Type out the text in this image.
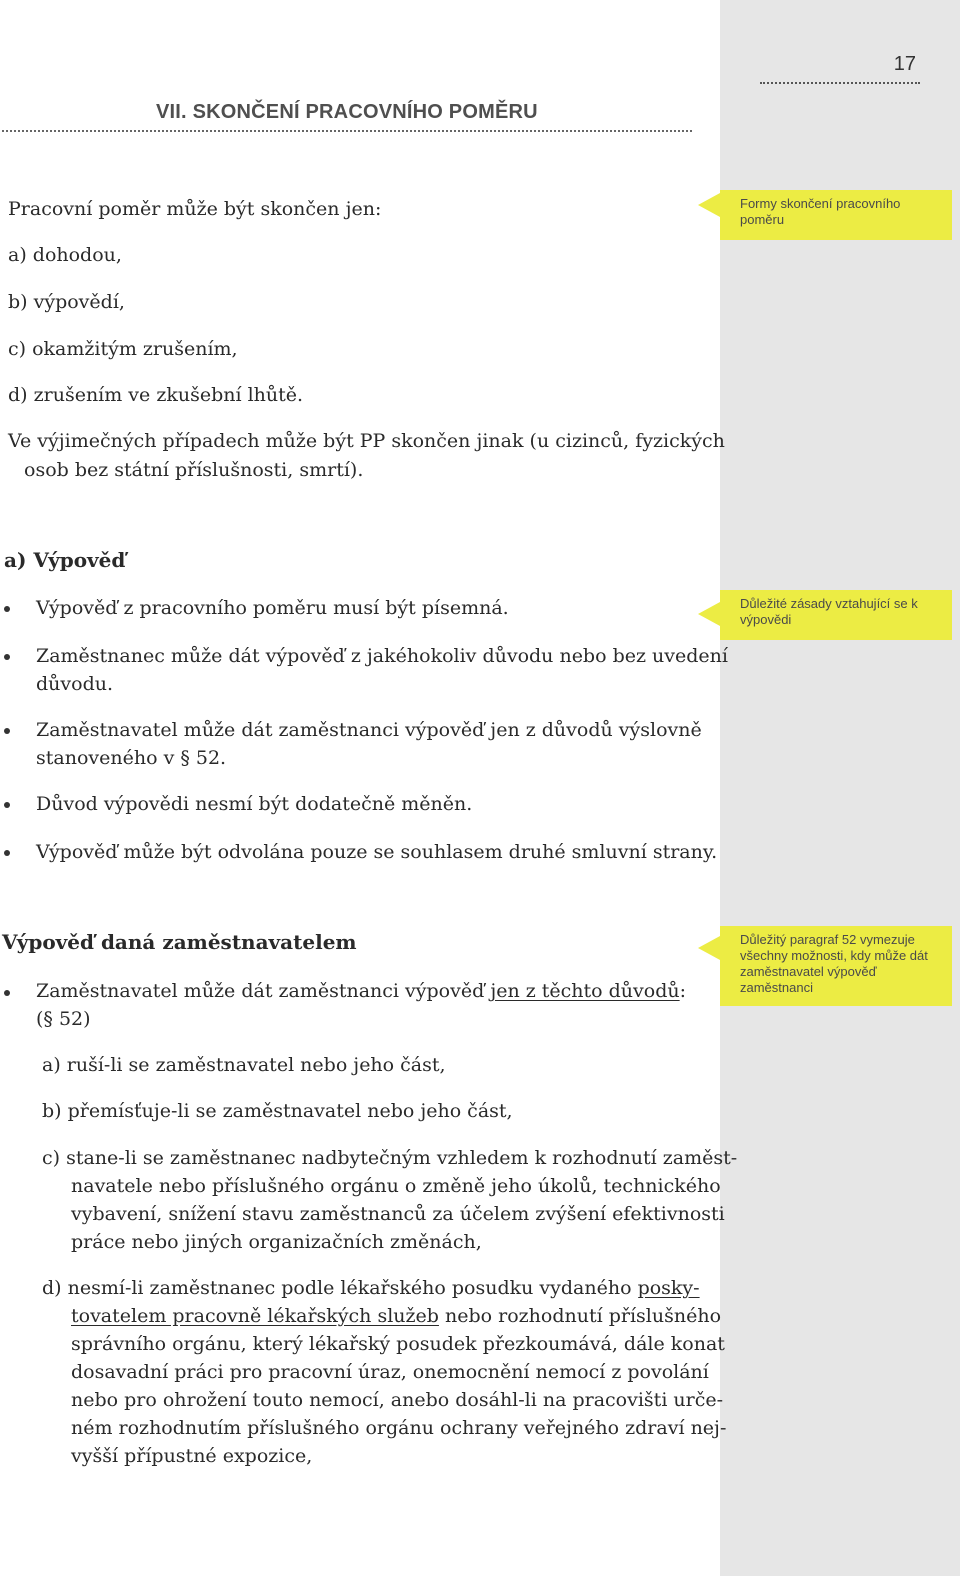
17
VII. SKONČENÍ PRACOVNÍHO POMĚRU

Pracovní poměr může být skončen jen:

a) dohodou,

b) výpovědí,

c) okamžitým zrušením,

d) zrušením ve zkušební lhůtě.

Ve výjimečných případech může být PP skončen jinak (u cizinců, fyzických

osob bez státní příslušnosti, smrtí).

a) Výpověď

Výpověď z pracovního poměru musí být písemná.

Zaměstnanec může dát výpověď z jakéhokoliv důvodu nebo bez uvedení

důvodu.

Zaměstnavatel může dát zaměstnanci výpověď jen z důvodů výslovně

stanoveného v § 52.

Důvod výpovědi nesmí být dodatečně měněn.

Výpověď může být odvolána pouze se souhlasem druhé smluvní strany.

Výpověď daná zaměstnavatelem

Zaměstnavatel může dát zaměstnanci výpověď jen z těchto důvodů:

(§ 52)

a) ruší-li se zaměstnavatel nebo jeho část,

b) přemísťuje-li se zaměstnavatel nebo jeho část,

c) stane-li se zaměstnanec nadbytečným vzhledem k rozhodnutí zaměst-

navatele nebo příslušného orgánu o změně jeho úkolů, technického

vybavení, snížení stavu zaměstnanců za účelem zvýšení efektivnosti

práce nebo jiných organizačních změnách,

d) nesmí-li zaměstnanec podle lékařského posudku vydaného posky-

tovatelem pracovně lékařských služeb nebo rozhodnutí příslušného

správního orgánu, který lékařský posudek přezkoumává, dále konat

dosavadní práci pro pracovní úraz, onemocnění nemocí z povolání

nebo pro ohrožení touto nemocí, anebo dosáhl-li na pracovišti urče-

ném rozhodnutím příslušného orgánu ochrany veřejného zdraví nej-

vyšší přípustné expozice,

Formy skončení pracovního poměru
Důležité zásady vztahující se k výpovědi
Důležitý paragraf 52 vymezuje všechny možnosti, kdy může dát zaměstnavatel výpověď zaměstnanci
